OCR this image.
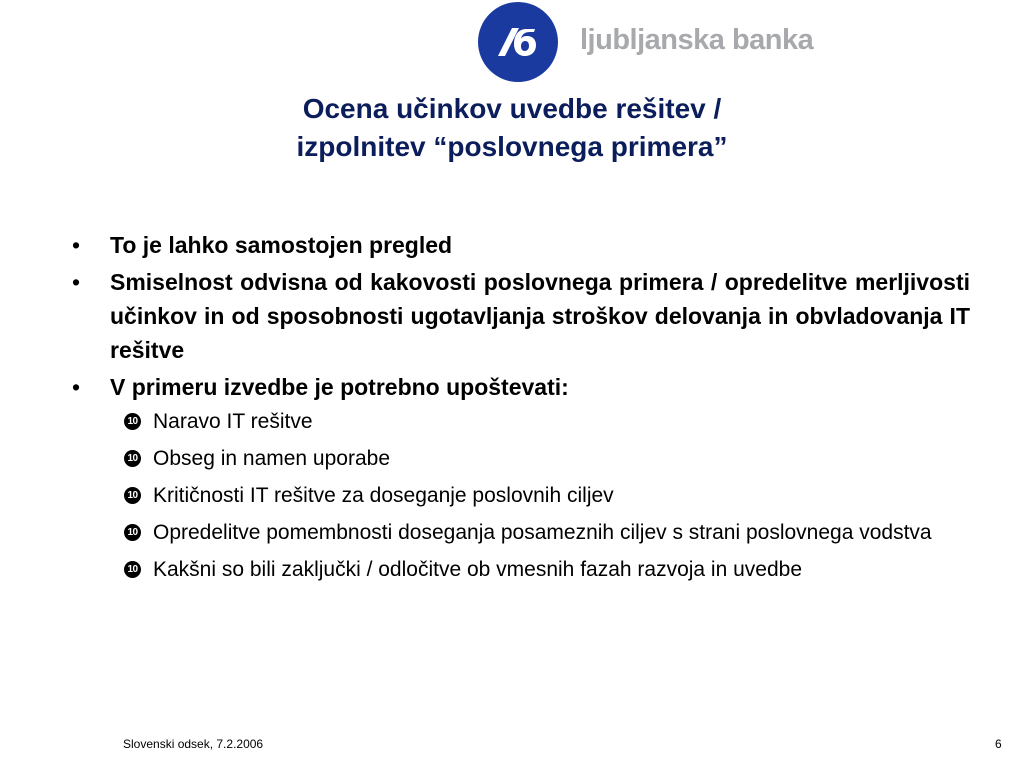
ljubljanska banka
Ocena učinkov uvedbe rešitev /
izpolnitev “poslovnega primera”
• To je lahko samostojen pregled
• Smiselnost odvisna od kakovosti poslovnega primera / opredelitve merljivosti učinkov in od sposobnosti ugotavljanja stroškov delovanja in obvladovanja IT rešitve
• V primeru izvedbe je potrebno upoštevati:
10 Naravo IT rešitve
10 Obseg in namen uporabe
10 Kritičnosti IT rešitve za doseganje poslovnih ciljev
10 Opredelitve pomembnosti doseganja posameznih ciljev s strani poslovnega vodstva
10 Kakšni so bili zaključki / odločitve ob vmesnih fazah razvoja in uvedbe
Slovenski odsek, 7.2.2006	6
